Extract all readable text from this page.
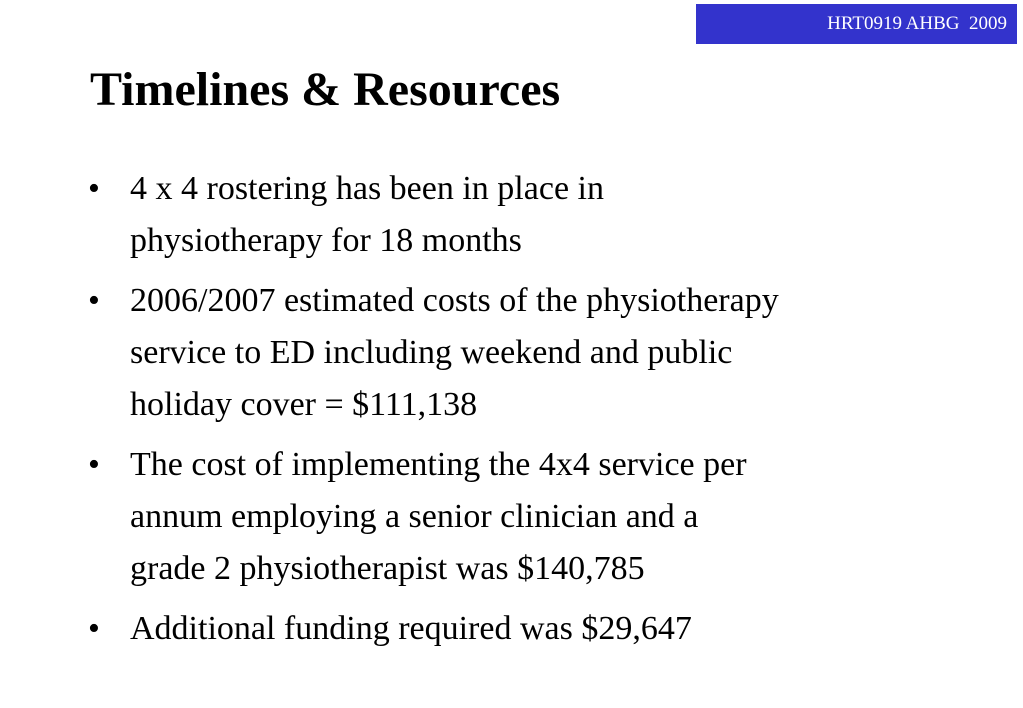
HRT0919 AHBG  2009
Timelines & Resources
• 4 x 4 rostering has been in place in
physiotherapy for 18 months
• 2006/2007 estimated costs of the physiotherapy
service to ED including weekend and public
holiday cover = $111,138
• The cost of implementing the 4x4 service per
annum employing a senior clinician and a
grade 2 physiotherapist was $140,785
• Additional funding required was $29,647
